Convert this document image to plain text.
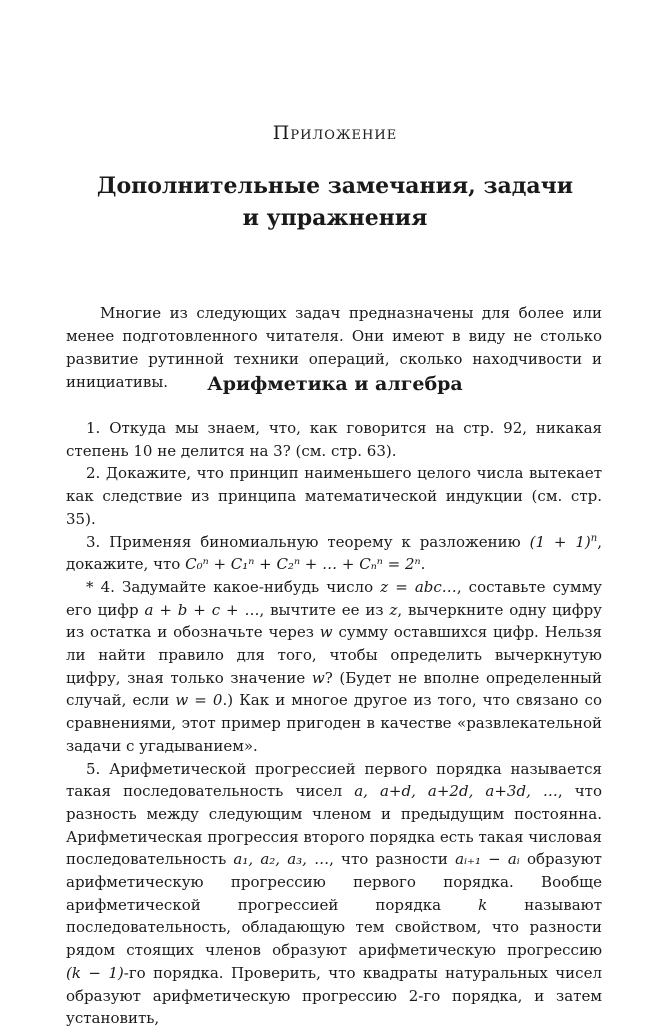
Приложение
Дополнительные замечания, задачи
и упражнения

Многие из следующих задач предназначены для более или менее подготовленного читателя. Они имеют в виду не столько развитие рутинной техники операций, сколько находчивости и инициативы.	Арифметика и алгебра

1. Откуда мы знаем, что, как говорится на стр. 92, никакая степень 10 не делится на 3? (см. стр. 63).

2. Докажите, что принцип наименьшего целого числа вытекает как следствие из принципа математической индукции (см. стр. 35).

3. Применяя биномиальную теорему к разложению $(1 + 1)^n$, докажите, что C₀ⁿ + C₁ⁿ + C₂ⁿ + … + Cₙⁿ = 2ⁿ.

* 4. Задумайте какое-нибудь число z = abc…, составьте сумму его цифр a + b + c + …, вычтите ее из z, вычеркните одну цифру из остатка и обозначьте через w сумму оставшихся цифр. Нельзя ли найти правило для того, чтобы определить вычеркнутую цифру, зная только значение w? (Будет не вполне определенный случай, если w = 0.) Как и многое другое из того, что связано со сравнениями, этот пример пригоден в качестве «развлекательной задачи с угадыванием».

5. Арифметической прогрессией первого порядка называется такая последовательность чисел a, a+d, a+2d, a+3d, …, что разность между следующим членом и предыдущим постоянна. Арифметическая прогрессия второго порядка есть такая числовая последовательность a₁, a₂, a₃, …, что разности aᵢ₊₁ − aᵢ образуют арифметическую прогрессию первого порядка. Вообще арифметической прогрессией порядка k называют последовательность, обладающую тем свойством, что разности рядом стоящих членов образуют арифметическую прогрессию (k − 1)-го порядка. Проверить, что квадраты натуральных чисел образуют арифметическую прогрессию 2-го порядка, и затем установить,
